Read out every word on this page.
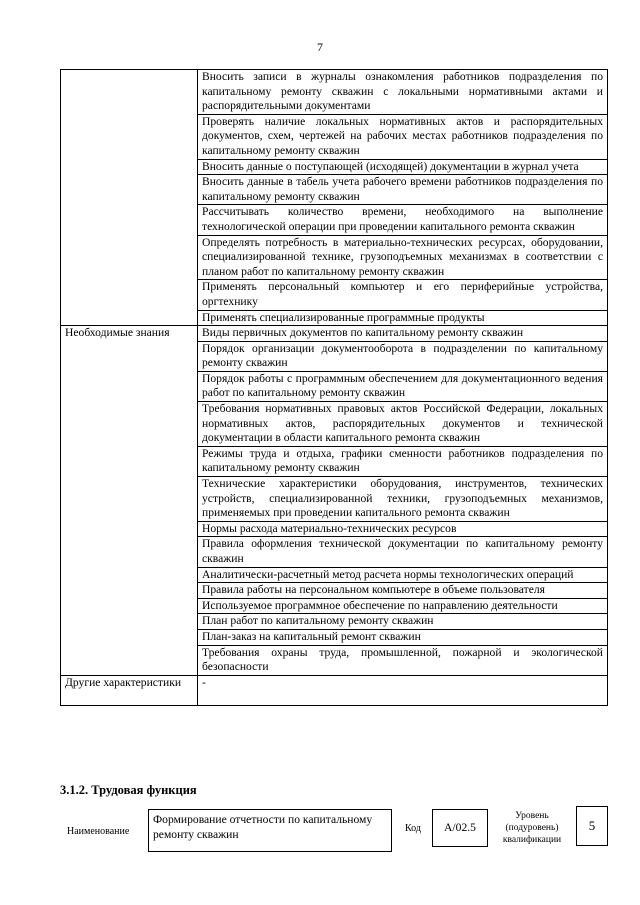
7
	Вносить записи в журналы ознакомления работников подразделения по капитальному ремонту скважин с локальными нормативными актами и распорядительными документами
	Проверять наличие локальных нормативных актов и распорядительных документов, схем, чертежей на рабочих местах работников подразделения по капитальному ремонту скважин
	Вносить данные о поступающей (исходящей) документации в журнал учета
	Вносить данные в табель учета рабочего времени работников подразделения по капитальному ремонту скважин
	Рассчитывать количество времени, необходимого на выполнение технологической операции при проведении капитального ремонта скважин
	Определять потребность в материально-технических ресурсах, оборудовании, специализированной технике, грузоподъемных механизмах в соответствии с планом работ по капитальному ремонту скважин
	Применять персональный компьютер и его периферийные устройства, оргтехнику
	Применять специализированные программные продукты
Необходимые знания	Виды первичных документов по капитальному ремонту скважин
	Порядок организации документооборота в подразделении по капитальному ремонту скважин
	Порядок работы с программным обеспечением для документационного ведения работ по капитальному ремонту скважин
	Требования нормативных правовых актов Российской Федерации, локальных нормативных актов, распорядительных документов и технической документации в области капитального ремонта скважин
	Режимы труда и отдыха, графики сменности работников подразделения по капитальному ремонту скважин
	Технические характеристики оборудования, инструментов, технических устройств, специализированной техники, грузоподъемных механизмов, применяемых при проведении капитального ремонта скважин
	Нормы расхода материально-технических ресурсов
	Правила оформления технической документации по капитальному ремонту скважин
	Аналитически-расчетный метод расчета нормы технологических операций
	Правила работы на персональном компьютере в объеме пользователя
	Используемое программное обеспечение по направлению деятельности
	План работ по капитальному ремонту скважин
	План-заказ на капитальный ремонт скважин
	Требования охраны труда, промышленной, пожарной и экологической безопасности
Другие характеристики	-
3.1.2. Трудовая функция
Наименование
Формирование отчетности по капитальному ремонту скважин	Код	A/02.5
Уровень (подуровень) квалификации
5
